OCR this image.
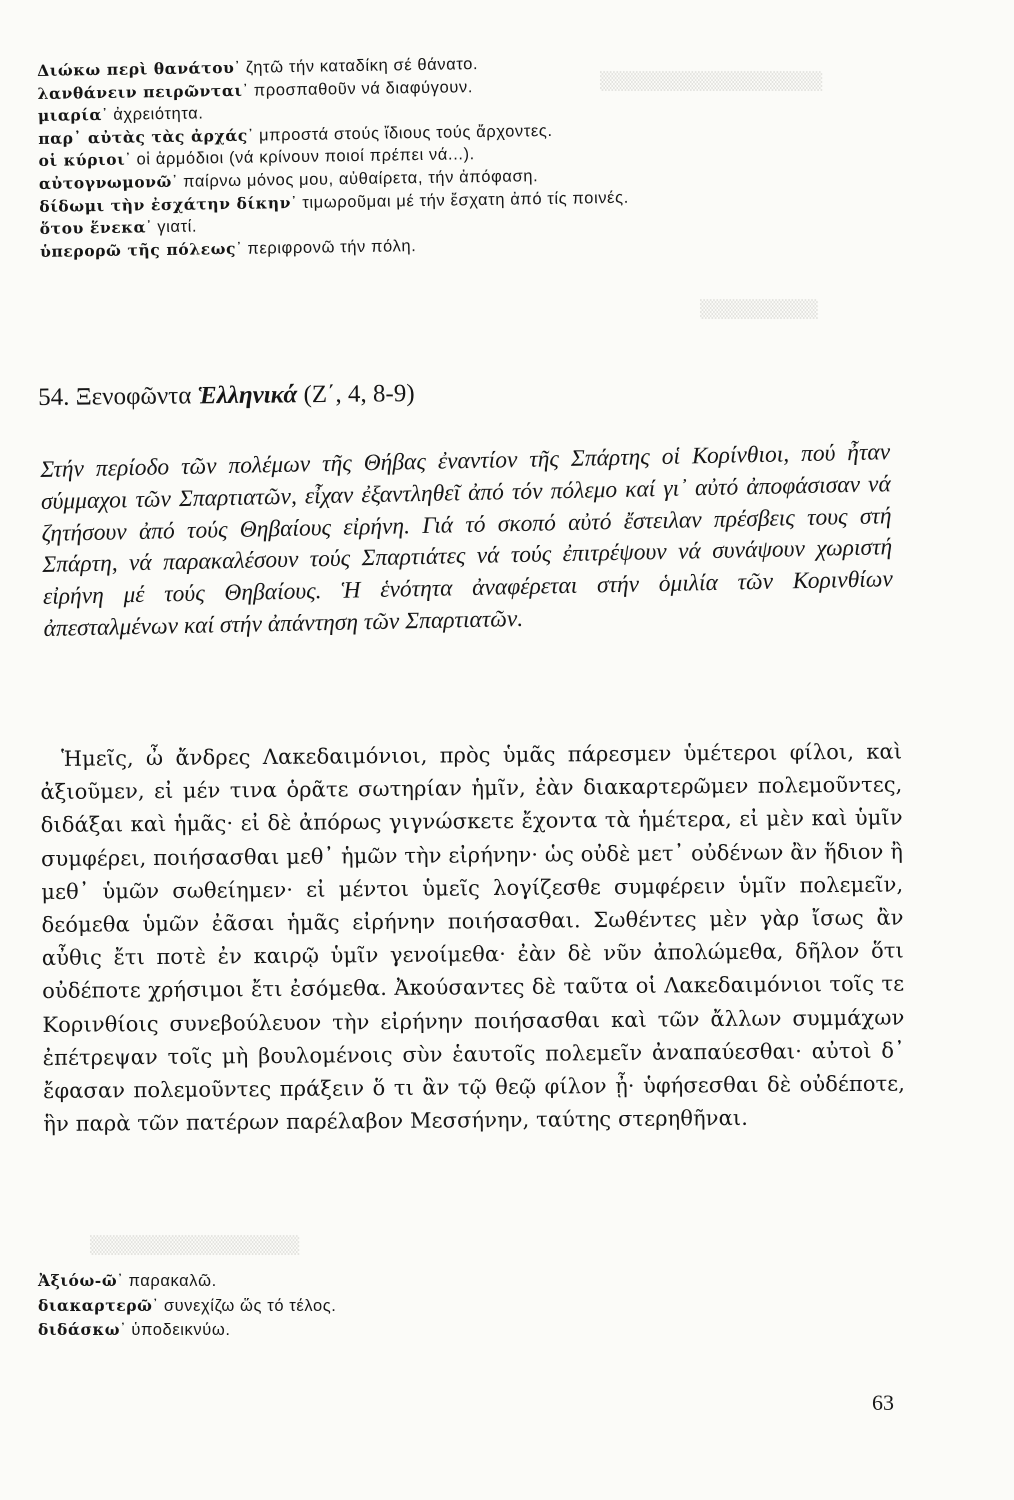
▒▒▒▒▒▒▒▒▒▒▒▒▒▒▒▒▒
▒▒▒▒▒▒▒▒▒
▒▒▒▒▒▒▒▒▒▒▒▒▒▒▒▒
Διώκω περὶ θανάτου᾽ ζητῶ τήν καταδίκη σέ θάνατο.
λανθάνειν πειρῶνται᾽ προσπαθοῦν νά διαφύγουν.
μιαρία᾽ ἀχρειότητα.
παρ᾽ αὐτὰς τὰς ἀρχάς᾽ μπροστά στούς ἴδιους τούς ἄρχοντες.
οἱ κύριοι᾽ οἱ ἁρμόδιοι (νά κρίνουν ποιοί πρέπει νά...).
αὐτογνωμονῶ᾽ παίρνω μόνος μου, αὐθαίρετα, τήν ἀπόφαση.
δίδωμι τὴν ἐσχάτην δίκην᾽ τιμωροῦμαι μέ τήν ἔσχατη ἀπό τίς ποινές.
ὅτου ἕνεκα᾽ γιατί.
ὑπερορῶ τῆς πόλεως᾽ περιφρονῶ τήν πόλη.
54. Ξενοφῶντα Ἑλληνικά (Ζ΄, 4, 8-9)
Στήν περίοδο τῶν πολέμων τῆς Θήβας ἐναντίον τῆς Σπάρτης οἱ Κορίνθιοι, πού ἦταν σύμμαχοι τῶν Σπαρτιατῶν, εἶχαν ἐξαντληθεῖ ἀπό τόν πόλεμο καί γι᾽ αὐτό ἀποφάσισαν νά ζητήσουν ἀπό τούς Θηβαίους εἰρήνη. Γιά τό σκοπό αὐτό ἔστειλαν πρέσβεις τους στή Σπάρτη, νά παρακαλέσουν τούς Σπαρτιάτες νά τούς ἐπιτρέψουν νά συνάψουν χωριστή εἰρήνη μέ τούς Θηβαίους. Ἡ ἑνότητα ἀναφέρεται στήν ὁμιλία τῶν Κορινθίων ἀπεσταλμένων καί στήν ἀπάντηση τῶν Σπαρτιατῶν.

Ἡμεῖς, ὦ ἄνδρες Λακεδαιμόνιοι, πρὸς ὑμᾶς πάρεσμεν ὑμέτεροι φίλοι, καὶ ἀξιοῦμεν, εἰ μέν τινα ὁρᾶτε σωτηρίαν ἡμῖν, ἐὰν διακαρτερῶμεν πολεμοῦντες, διδάξαι καὶ ἡμᾶς· εἰ δὲ ἀπόρως γιγνώσκετε ἔχοντα τὰ ἡμέτερα, εἰ μὲν καὶ ὑμῖν συμφέρει, ποιήσασθαι μεθ᾽ ἡμῶν τὴν εἰρήνην· ὡς οὐδὲ μετ᾽ οὐδένων ἂν ἥδιον ἢ μεθ᾽ ὑμῶν σωθείημεν· εἰ μέντοι ὑμεῖς λογίζεσθε συμφέρειν ὑμῖν πολεμεῖν, δεόμεθα ὑμῶν ἐᾶσαι ἡμᾶς εἰρήνην ποιήσασθαι. Σωθέντες μὲν γὰρ ἴσως ἂν αὖθις ἔτι ποτὲ ἐν καιρῷ ὑμῖν γενοίμεθα· ἐὰν δὲ νῦν ἀπολώμεθα, δῆλον ὅτι οὐδέποτε χρήσιμοι ἔτι ἐσόμεθα. Ἀκούσαντες δὲ ταῦτα οἱ Λακεδαιμόνιοι τοῖς τε Κορινθίοις συνεβούλευον τὴν εἰρήνην ποιήσασθαι καὶ τῶν ἄλλων συμμάχων ἐπέτρεψαν τοῖς μὴ βουλομένοις σὺν ἑαυτοῖς πολεμεῖν ἀναπαύεσθαι· αὐτοὶ δ᾽ ἔφασαν πολεμοῦντες πράξειν ὅ τι ἂν τῷ θεῷ φίλον ᾖ· ὑφήσεσθαι δὲ οὐδέποτε, ἣν παρὰ τῶν πατέρων παρέλαβον Μεσσήνην, ταύτης στερηθῆναι.

Ἀξιόω-ῶ᾽ παρακαλῶ.
διακαρτερῶ᾽ συνεχίζω ὥς τό τέλος.
διδάσκω᾽ ὑποδεικνύω.
63
